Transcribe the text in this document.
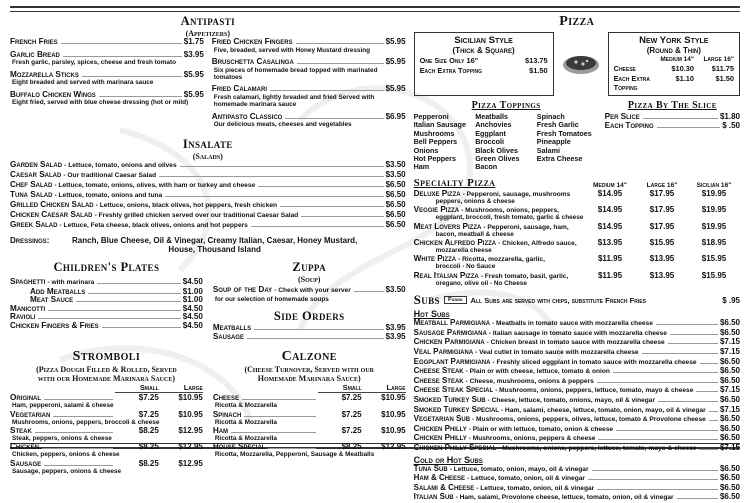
Antipasti
(Appetizers)
French Fries	$1.75
Garlic Bread	$3.95
Fresh garlic, parsley, spices, cheese and fresh tomato
Mozzarella Sticks	$5.95
Eight breaded and served with marinara sauce
Buffalo Chicken Wings	$5.95
Eight fried, served with blue cheese dressing (hot or mild)
Fried Chicken Fingers	$5.95
Five, breaded, served with Honey Mustard dressing
Bruschetta Casalinga	$5.95
Six pieces of homemade bread topped with marinated tomatoes
Fried Calamari	$5.95
Fresh calamari, lightly breaded and fried Served with homemade marinara sauce
Antipasto Classico	$6.95
Our delicious meats, cheeses and vegetables
Insalate
(Salads)
Garden Salad
- Lettuce, tomato, onions and olives	$3.50
Caesar Salad
- Our traditional Caesar Salad	$3.50
Chef Salad
- Lettuce, tomato, onions, olives, with ham or turkey and cheese	$6.50
Tuna Salad
- Lettuce, tomato, onions and tuna	$6.50
Grilled Chicken Salad
- Lettuce, onions, black olives, hot peppers, fresh chicken	$6.50
Chicken Caesar Salad
- Freshly grilled chicken served over our traditional Caesar Salad	$6.50
Greek Salad
- Lettuce, Feta cheese, black olives, onions and hot peppers	$6.50
Dressings:	Ranch, Blue Cheese, Oil & Vinegar, Creamy Italian, Caesar, Honey Mustard,
House, Thousand Island
Children's Plates
Spaghetti
- with marinara	$4.50
Add Meatballs	$1.00
Meat Sauce	$1.00
Manicotti	$4.50
Ravioli	$4.50
Chicken Fingers & Fries	$4.50
Zuppa
(Soup)
Soup of the Day
- Check with your server	$3.50
for our selection of homemade soups
Side Orders
Meatballs	$3.95
Sausage	$3.95
Stromboli
(Pizza Dough Filled & Rolled, Served
with our Homemade Marinara Sauce)
Small	Large
Original	$7.25	$10.95
Ham, pepperoni, salami & cheese
Vegetarian	$7.25	$10.95
Mushrooms, onions, peppers, broccoli & cheese
Steak	$8.25	$12.95
Steak, peppers, onions & cheese
Chicken	$8.25	$12.95
Chicken, peppers, onions & cheese
Sausage	$8.25	$12.95
Sausage, peppers, onions & cheese
Calzone
(Cheese Turnover, Served with our
Homemade Marinara Sauce)
Small	Large
Cheese	$7.25	$10.95
Ricotta & Mozzarella
Spinach	$7.25	$10.95
Ricotta & Mozzarella
Ham	$7.25	$10.95
Ricotta & Mozzarella
House Special	$8.25	$12.95
Ricotta, Mozzarella, Pepperoni, Sausage & Meatballs
Pizza
Sicilian Style
(Thick & Square)
One Size Only 16"	$13.75
Each Extra Topping	$1.50
New York Style
(Round & Thin)
Medium 14"	Large 16"
Cheese	$10.30	$11.75
Each Extra Topping
$1.10	$1.50
Pizza Toppings
Pepperoni
Italian Sausage
Mushrooms
Bell Peppers
Onions
Hot Peppers
Ham
Meatballs
Anchovies
Eggplant
Broccoli
Black Olives
Green Olives
Bacon
Spinach
Fresh Garlic
Fresh Tomatoes
Pineapple
Salami
Extra Cheese
Pizza By The Slice
Per Slice	$1.80
Each Topping	$ .50
Specialty Pizza	Medium 14"	Large 16"	Sicilian 16"
Deluxe Pizza - Pepperoni, sausage, mushrooms
peppers, onions & cheese
$14.95	$17.95	$19.95
Veggie Pizza - Mushrooms, onions, peppers,
eggplant, broccoli, fresh tomato, garlic & cheese
$14.95	$17.95	$19.95
Meat Lovers Pizza - Pepperoni, sausage, ham,
bacon, meatball & cheese
$14.95	$17.95	$19.95
Chicken Alfredo Pizza - Chicken, Alfredo sauce,
mozzarella cheese
$13.95	$15.95	$18.95
White Pizza - Ricotta, mozzarella, garlic,
broccoli - No Sauce
$11.95	$13.95	$15.95
Real Italian Pizza - Fresh tomato, basil, garlic,
oregano, olive oil - No Cheese
$11.95	$13.95	$15.95
Subs	Panini	All Subs are served with chips, substitute French Fries	$ .95
Hot Subs
Meatball Parmigiana
- Meatballs in tomato sauce with mozzarella cheese	$6.50
Sausage Parmigiana
- Italian sausage in tomato sauce with mozzarella cheese	$6.50
Chicken Parmigiana
- Chicken breast in tomato sauce with mozzarella cheese	$7.15
Veal Parmigiana
- Veal cutlet in tomato sauce with mozzarella cheese	$7.15
Eggplant Parmigiana
- Freshly sliced eggplant in tomato sauce with mozzarella cheese	$6.50
Cheese Steak
- Plain or with cheese, lettuce, tomato & onion	$6.50
Cheese Steak
- Cheese, mushrooms, onions & peppers	$6.50
Cheese Steak Special
- Mushrooms, onions, peppers, lettuce, tomato, mayo & cheese	$7.15
Smoked Turkey Sub
- Cheese, lettuce, tomato, onions, mayo, oil & vinegar	$6.50
Smoked Turkey Special
- Ham, salami, cheese, lettuce, tomato, onion, mayo, oil & vinegar $7.15
Vegetarian Sub
- Mushrooms, onions, peppers, olives, lettuce, tomato & Provolone cheese $6.50
Chicken Philly
- Plain or with lettuce, tomato, onion & cheese	$6.50
Chicken Philly
- Mushrooms, onions, peppers & cheese	$6.50
Chicken Philly Special
- Mushrooms, onions, peppers, lettuce, tomato, mayo & cheese	$7.15
Cold or Hot Subs
Tuna Sub
- Lettuce, tomato, onion, mayo, oil & vinegar	$6.50
Ham & Cheese
- Lettuce, tomato, onion, oil & vinegar	$6.50
Salami & Cheese
- Lettuce, tomato, onion, oil & vinegar	$6.50
Italian Sub
- Ham, salami, Provolone cheese, lettuce, tomato, onion, oil & vinegar	$6.50
